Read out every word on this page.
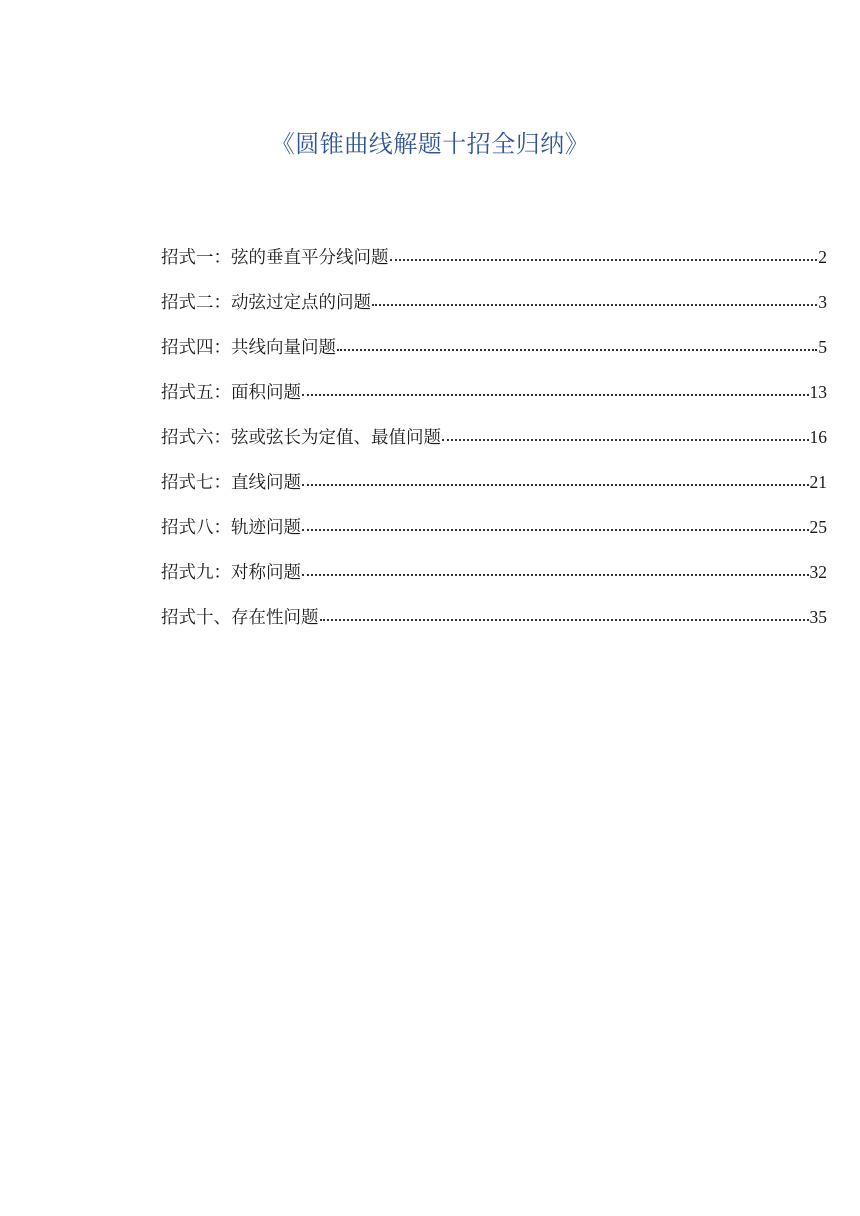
《圆锥曲线解题十招全归纳》
招式一：弦的垂直平分线问题	2
招式二：动弦过定点的问题	3
招式四：共线向量问题	5
招式五：面积问题	13
招式六：弦或弦长为定值、最值问题	16
招式七：直线问题	21
招式八：轨迹问题	25
招式九：对称问题	32
招式十、存在性问题	35
